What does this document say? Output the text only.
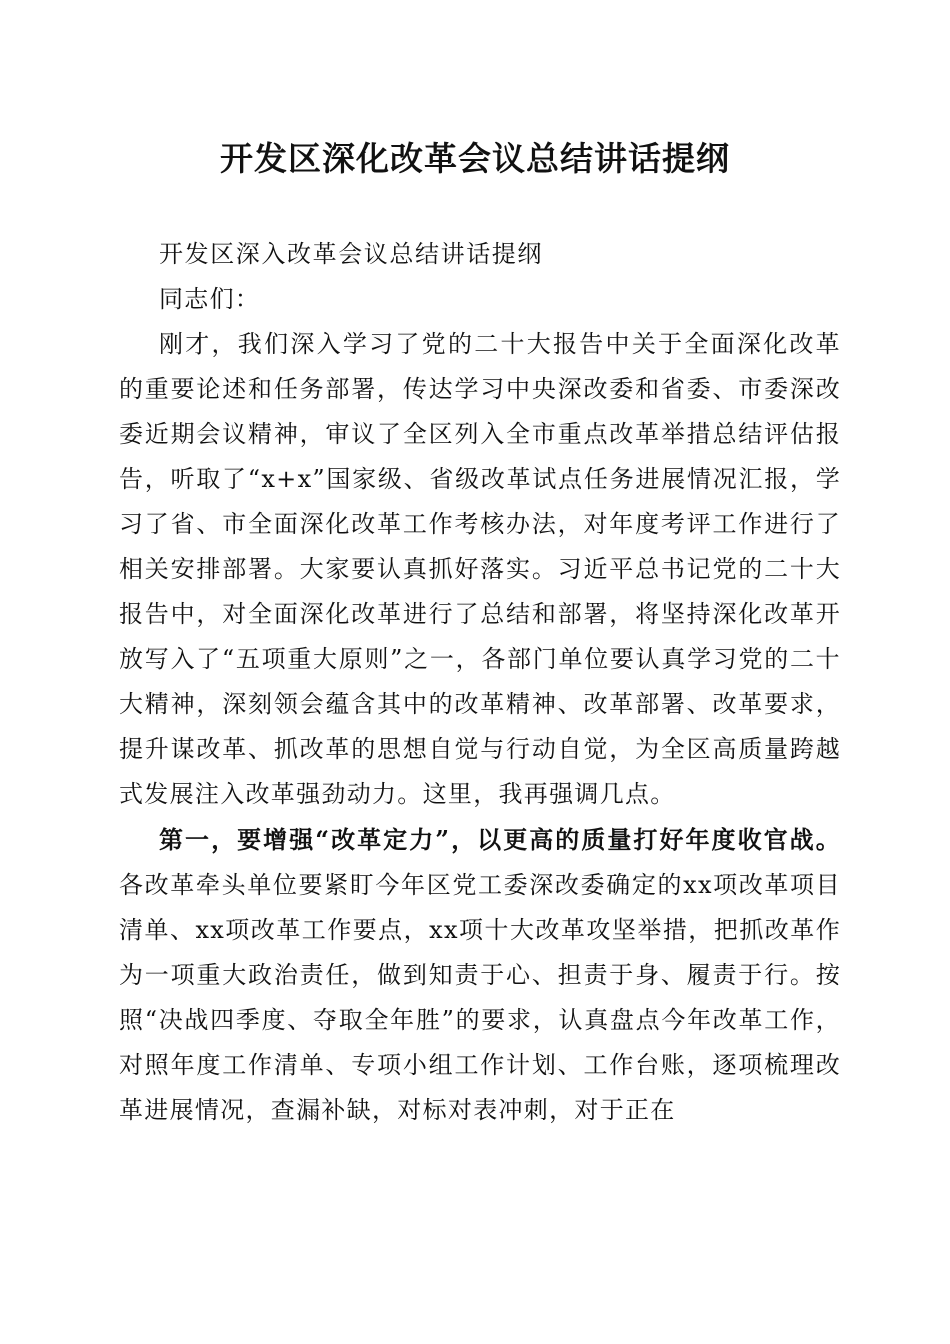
开发区深化改革会议总结讲话提纲

开发区深入改革会议总结讲话提纲

同志们：

刚才，我们深入学习了党的二十大报告中关于全面深化改革的重要论述和任务部署，传达学习中央深改委和省委、市委深改委近期会议精神，审议了全区列入全市重点改革举措总结评估报告，听取了“x+x”国家级、省级改革试点任务进展情况汇报，学习了省、市全面深化改革工作考核办法，对年度考评工作进行了相关安排部署。大家要认真抓好落实。习近平总书记党的二十大报告中，对全面深化改革进行了总结和部署，将坚持深化改革开放写入了“五项重大原则”之一，各部门单位要认真学习党的二十大精神，深刻领会蕴含其中的改革精神、改革部署、改革要求，提升谋改革、抓改革的思想自觉与行动自觉，为全区高质量跨越式发展注入改革强劲动力。这里，我再强调几点。

第一，要增强“改革定力”，以更高的质量打好年度收官战。各改革牵头单位要紧盯今年区党工委深改委确定的xx项改革项目清单、xx项改革工作要点，xx项十大改革攻坚举措，把抓改革作为一项重大政治责任，做到知责于心、担责于身、履责于行。按照“决战四季度、夺取全年胜”的要求，认真盘点今年改革工作，对照年度工作清单、专项小组工作计划、工作台账，逐项梳理改革进展情况，查漏补缺，对标对表冲刺，对于正在
